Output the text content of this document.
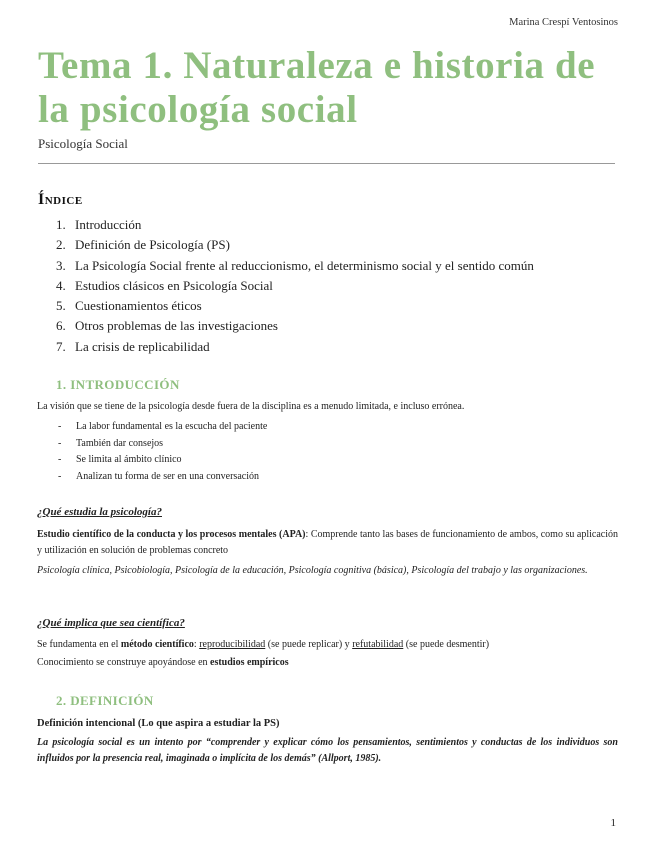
Marina Crespí Ventosinos
Tema 1. Naturaleza e historia de la psicología social
Psicología Social
Índice
1. Introducción
2. Definición de Psicología (PS)
3. La Psicología Social frente al reduccionismo, el determinismo social y el sentido común
4. Estudios clásicos en Psicología Social
5. Cuestionamientos éticos
6. Otros problemas de las investigaciones
7. La crisis de replicabilidad
1. INTRODUCCIÓN

La visión que se tiene de la psicología desde fuera de la disciplina es a menudo limitada, e incluso errónea.

- La labor fundamental es la escucha del paciente
- También dar consejos
- Se limita al ámbito clínico
- Analizan tu forma de ser en una conversación
¿Qué estudia la psicología?

Estudio científico de la conducta y los procesos mentales (APA): Comprende tanto las bases de funcionamiento de ambos, como su aplicación y utilización en solución de problemas concreto

Psicología clínica, Psicobiología, Psicología de la educación, Psicología cognitiva (básica), Psicología del trabajo y las organizaciones.

¿Qué implica que sea científica?

Se fundamenta en el método científico: reproducibilidad (se puede replicar) y refutabilidad (se puede desmentir)

Conocimiento se construye apoyándose en estudios empíricos

2. DEFINICIÓN

Definición intencional (Lo que aspira a estudiar la PS)

La psicología social es un intento por “comprender y explicar cómo los pensamientos, sentimientos y conductas de los individuos son influidos por la presencia real, imaginada o implícita de los demás” (Allport, 1985).

1
